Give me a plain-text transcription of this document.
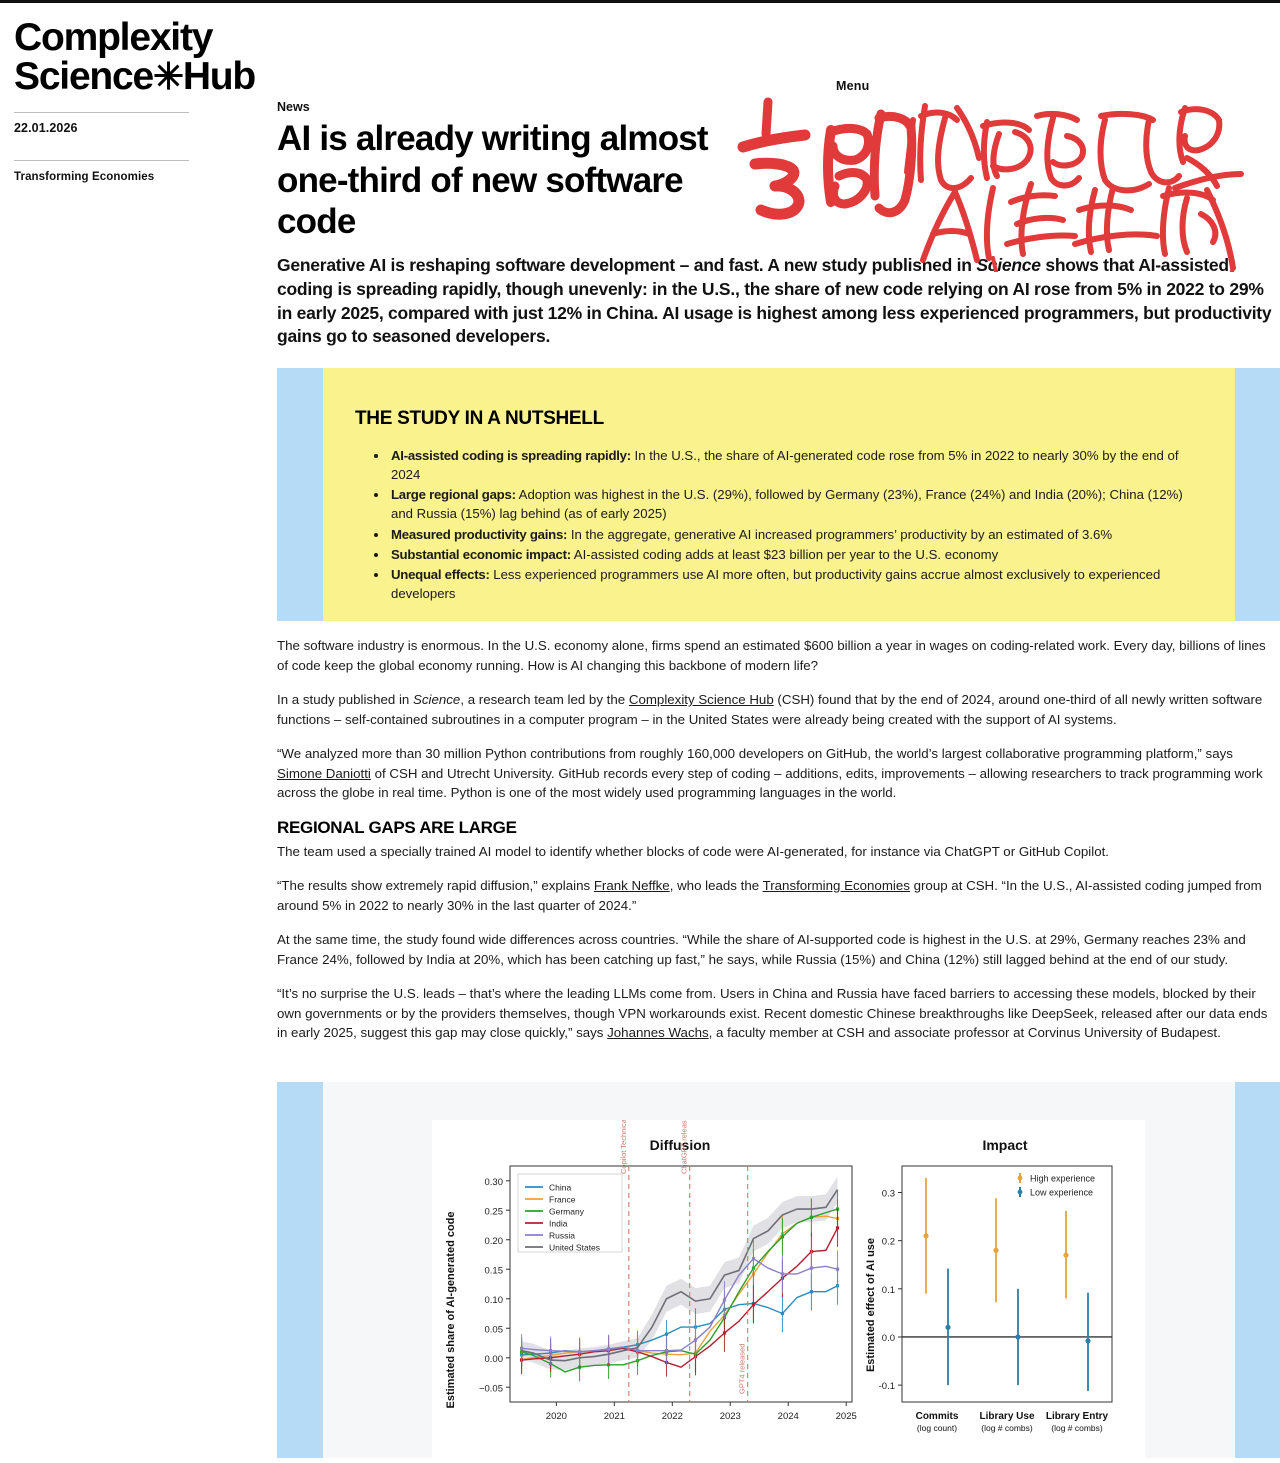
Complexity
Science✳Hub
22.01.2026
Transforming Economies
Menu
News
AI is already writing almost one-third of new software code

Generative AI is reshaping software development – and fast. A new study published in Science shows that AI-assisted coding is spreading rapidly, though unevenly: in the U.S., the share of new code relying on AI rose from 5% in 2022 to 29% in early 2025, compared with just 12% in China. AI usage is highest among less experienced programmers, but productivity gains go to seasoned developers.

THE STUDY IN A NUTSHELL
• AI-assisted coding is spreading rapidly: In the U.S., the share of AI-generated code rose from 5% in 2022 to nearly 30% by the end of 2024
• Large regional gaps: Adoption was highest in the U.S. (29%), followed by Germany (23%), France (24%) and India (20%); China (12%) and Russia (15%) lag behind (as of early 2025)
• Measured productivity gains: In the aggregate, generative AI increased programmers’ productivity by an estimated of 3.6%
• Substantial economic impact: AI-assisted coding adds at least $23 billion per year to the U.S. economy
• Unequal effects: Less experienced programmers use AI more often, but productivity gains accrue almost exclusively to experienced developers

The software industry is enormous. In the U.S. economy alone, firms spend an estimated $600 billion a year in wages on coding-related work. Every day, billions of lines of code keep the global economy running. How is AI changing this backbone of modern life?

In a study published in Science, a research team led by the Complexity Science Hub (CSH) found that by the end of 2024, around one-third of all newly written software functions – self-contained subroutines in a computer program – in the United States were already being created with the support of AI systems.

“We analyzed more than 30 million Python contributions from roughly 160,000 developers on GitHub, the world’s largest collaborative programming platform,” says Simone Daniotti of CSH and Utrecht University. GitHub records every step of coding – additions, edits, improvements – allowing researchers to track programming work across the globe in real time. Python is one of the most widely used programming languages in the world.

REGIONAL GAPS ARE LARGE

The team used a specially trained AI model to identify whether blocks of code were AI-generated, for instance via ChatGPT or GitHub Copilot.

“The results show extremely rapid diffusion,” explains Frank Neffke, who leads the Transforming Economies group at CSH. “In the U.S., AI-assisted coding jumped from around 5% in 2022 to nearly 30% in the last quarter of 2024.”

At the same time, the study found wide differences across countries. “While the share of AI-supported code is highest in the U.S. at 29%, Germany reaches 23% and France 24%, followed by India at 20%, which has been catching up fast,” he says, while Russia (15%) and China (12%) still lagged behind at the end of our study.

“It’s no surprise the U.S. leads – that’s where the leading LLMs come from. Users in China and Russia have faced barriers to accessing these models, blocked by their own governments or by the providers themselves, though VPN workarounds exist. Recent domestic Chinese breakthroughs like DeepSeek, released after our data ends in early 2025, suggest this gap may close quickly,” says Johannes Wachs, a faculty member at CSH and associate professor at Corvinus University of Budapest.

Diffusion	Impact
Estimated share of AI-generated code	Estimated effect of AI use
−0.05
0.00
0.05
0.10
0.15
0.20
0.25
0.30
2020	2021	2022	2023	2024	2025
Copilot Technical Preview	ChatGPT released
GPT4 released
China
France
Germany
India
Russia
United States
-0.1
0.0
0.1
0.2
0.3
Commits
(log count)
Library Use
(log # combs)
Library Entry
(log # combs)
High experience
Low experience
